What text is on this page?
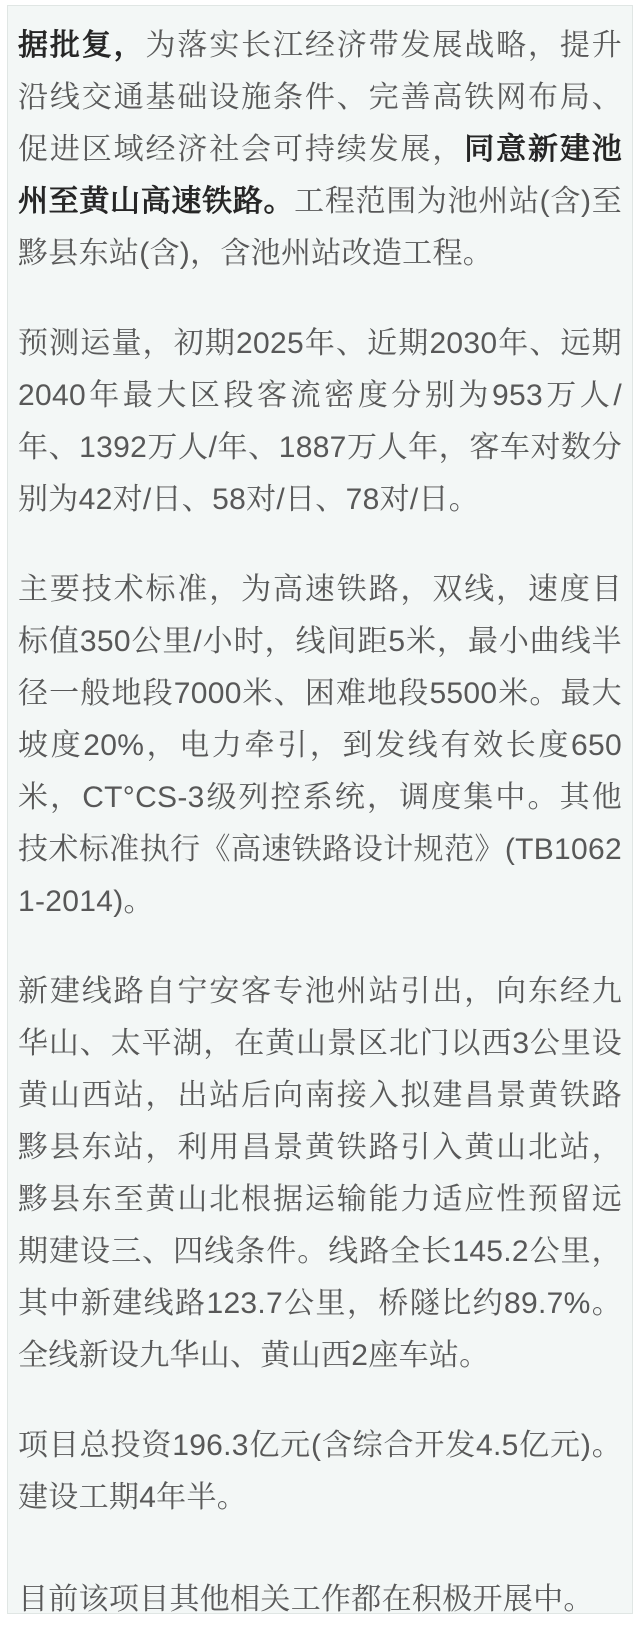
据批复，为落实长江经济带发展战略，提升沿线交通基础设施条件、完善高铁网布局、促进区域经济社会可持续发展，同意新建池州至黄山高速铁路。工程范围为池州站(含)至黟县东站(含)，含池州站改造工程。

预测运量，初期2025年、近期2030年、远期2040年最大区段客流密度分别为953万人/年、1392万人/年、1887万人年，客车对数分别为42对/日、58对/日、78对/日。

主要技术标准，为高速铁路，双线，速度目标值350公里/小时，线间距5米，最小曲线半径一般地段7000米、困难地段5500米。最大坡度20%，电力牵引，到发线有效长度650米，CT°CS-3级列控系统，调度集中。其他技术标准执行《高速铁路设计规范》(TB10621-2014)。

新建线路自宁安客专池州站引出，向东经九华山、太平湖，在黄山景区北门以西3公里设黄山西站，出站后向南接入拟建昌景黄铁路黟县东站，利用昌景黄铁路引入黄山北站，黟县东至黄山北根据运输能力适应性预留远期建设三、四线条件。线路全长145.2公里，其中新建线路123.7公里，桥隧比约89.7%。全线新设九华山、黄山西2座车站。

项目总投资196.3亿元(含综合开发4.5亿元)。建设工期4年半。

目前该项目其他相关工作都在积极开展中。
